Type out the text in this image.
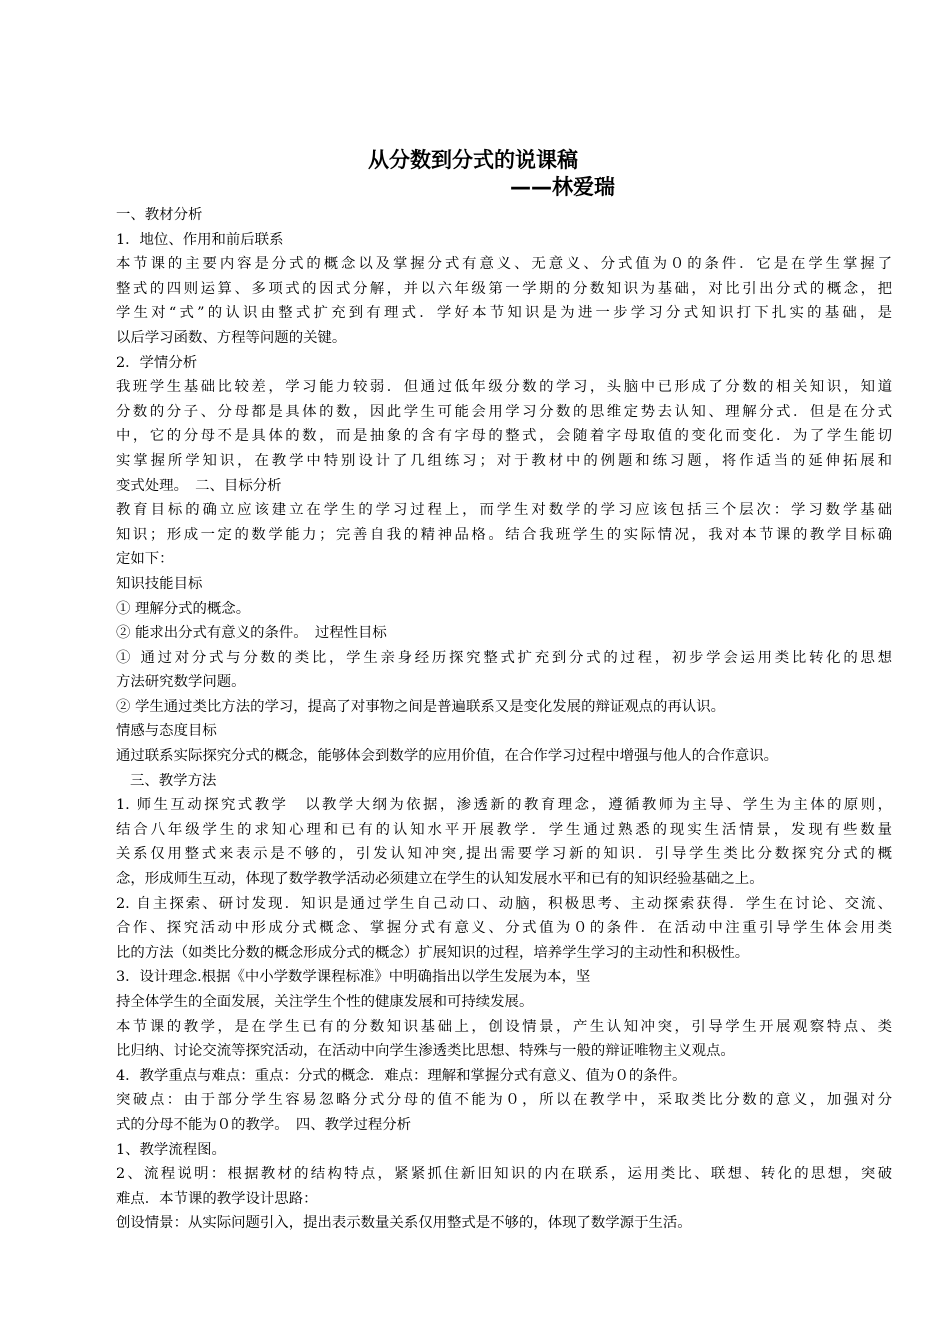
从分数到分式的说课稿
——林爱瑞

一、教材分析

1．地位、作用和前后联系

本节课的主要内容是分式的概念以及掌握分式有意义、无意义、分式值为０的条件．它是在学生掌握了

整式的四则运算、多项式的因式分解，并以六年级第一学期的分数知识为基础，对比引出分式的概念，把

学生对“式”的认识由整式扩充到有理式．学好本节知识是为进一步学习分式知识打下扎实的基础，是

以后学习函数、方程等问题的关键。

2．学情分析

我班学生基础比较差，学习能力较弱．但通过低年级分数的学习，头脑中已形成了分数的相关知识，知道

分数的分子、分母都是具体的数，因此学生可能会用学习分数的思维定势去认知、理解分式．但是在分式

中，它的分母不是具体的数，而是抽象的含有字母的整式，会随着字母取值的变化而变化．为了学生能切

实掌握所学知识，在教学中特别设计了几组练习；对于教材中的例题和练习题，将作适当的延伸拓展和

变式处理。　二、目标分析

教育目标的确立应该建立在学生的学习过程上，而学生对数学的学习应该包括三个层次：学习数学基础

知识；形成一定的数学能力；完善自我的精神品格。结合我班学生的实际情况，我对本节课的教学目标确

定如下：

知识技能目标

① 理解分式的概念。

② 能求出分式有意义的条件。　过程性目标

① 通过对分式与分数的类比，学生亲身经历探究整式扩充到分式的过程，初步学会运用类比转化的思想

方法研究数学问题。

② 学生通过类比方法的学习，提高了对事物之间是普遍联系又是变化发展的辩证观点的再认识。

情感与态度目标

通过联系实际探究分式的概念，能够体会到数学的应用价值，在合作学习过程中增强与他人的合作意识。

三、教学方法

1. 师生互动探究式教学　以教学大纲为依据，渗透新的教育理念，遵循教师为主导、学生为主体的原则，

结合八年级学生的求知心理和已有的认知水平开展教学．学生通过熟悉的现实生活情景，发现有些数量

关系仅用整式来表示是不够的，引发认知冲突,提出需要学习新的知识．引导学生类比分数探究分式的概

念，形成师生互动，体现了数学教学活动必须建立在学生的认知发展水平和已有的知识经验基础之上。

2. 自主探索、研讨发现．知识是通过学生自己动口、动脑，积极思考、主动探索获得．学生在讨论、交流、

合作、探究活动中形成分式概念、掌握分式有意义、分式值为０的条件．在活动中注重引导学生体会用类

比的方法（如类比分数的概念形成分式的概念）扩展知识的过程，培养学生学习的主动性和积极性。

3．设计理念.根据《中小学数学课程标准》中明确指出以学生发展为本，坚

持全体学生的全面发展，关注学生个性的健康发展和可持续发展。

本节课的教学，是在学生已有的分数知识基础上，创设情景，产生认知冲突，引导学生开展观察特点、类

比归纳、讨论交流等探究活动，在活动中向学生渗透类比思想、特殊与一般的辩证唯物主义观点。

4．教学重点与难点：重点：分式的概念．难点：理解和掌握分式有意义、值为０的条件。

突破点：由于部分学生容易忽略分式分母的值不能为０，所以在教学中，采取类比分数的意义，加强对分

式的分母不能为０的教学。　四、教学过程分析

1、教学流程图。

2、流程说明：根据教材的结构特点，紧紧抓住新旧知识的内在联系，运用类比、联想、转化的思想，突破

难点．本节课的教学设计思路：

创设情景：从实际问题引入，提出表示数量关系仅用整式是不够的，体现了数学源于生活。
